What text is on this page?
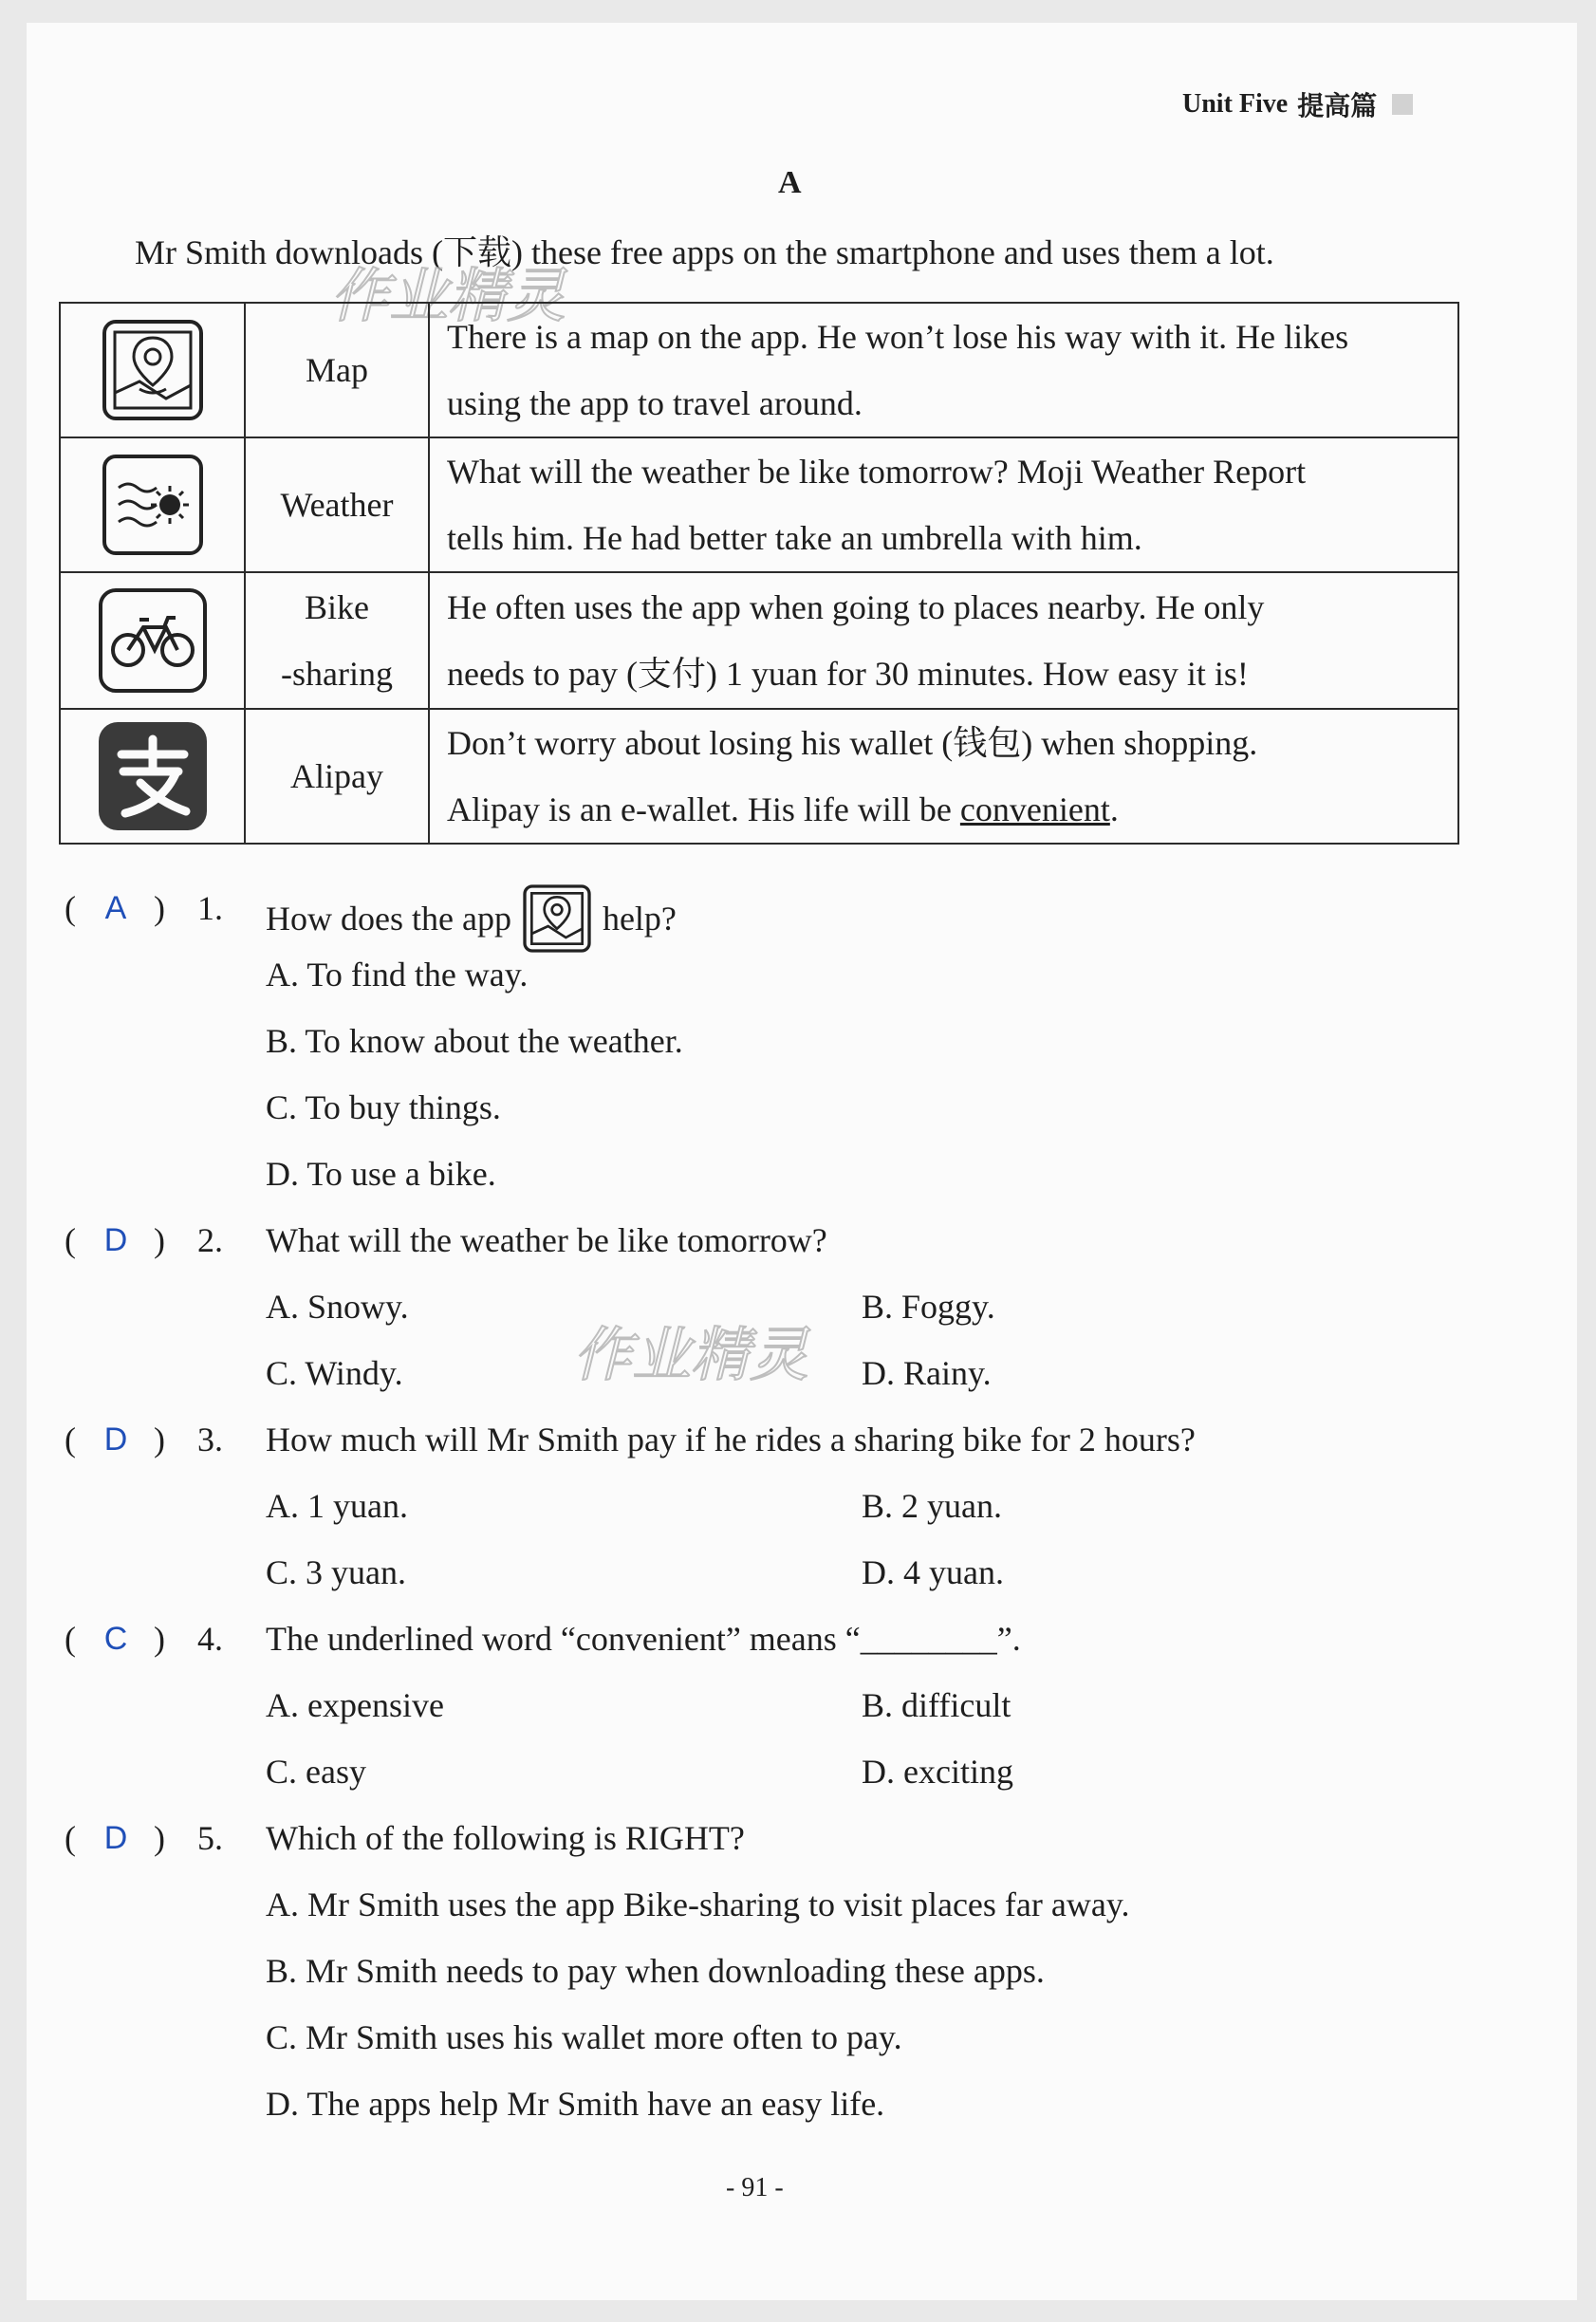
Unit Five 提高篇
A
Mr Smith downloads (下载) these free apps on the smartphone and uses them a lot.
作业精灵
作业精灵
	Map	There is a map on the app. He won’t lose his way with it. He likes
using the app to travel around.

	Weather	What will the weather be like tomorrow? Moji Weather Report
tells him. He had better take an umbrella with him.

	Bike
-sharing	He often uses the app when going to places nearby. He only
needs to pay (支付) 1 yuan for 30 minutes. How easy it is!

	Alipay	Don’t worry about losing his wallet (钱包) when shopping.
Alipay is an e-wallet. His life will be convenient.
( A ) 1. How does the app	help?
A. To find the way.
B. To know about the weather.
C. To buy things.
D. To use a bike.
( D ) 2. What will the weather be like tomorrow?
A. Snowy.	B. Foggy.
C. Windy.	D. Rainy.
( D ) 3. How much will Mr Smith pay if he rides a sharing bike for 2 hours?
A. 1 yuan.	B. 2 yuan.
C. 3 yuan.	D. 4 yuan.
( C ) 4. The underlined word “convenient” means “________”.
A. expensive	B. difficult
C. easy	D. exciting
( D ) 5. Which of the following is RIGHT?
A. Mr Smith uses the app Bike-sharing to visit places far away.
B. Mr Smith needs to pay when downloading these apps.
C. Mr Smith uses his wallet more often to pay.
D. The apps help Mr Smith have an easy life.
- 91 -
